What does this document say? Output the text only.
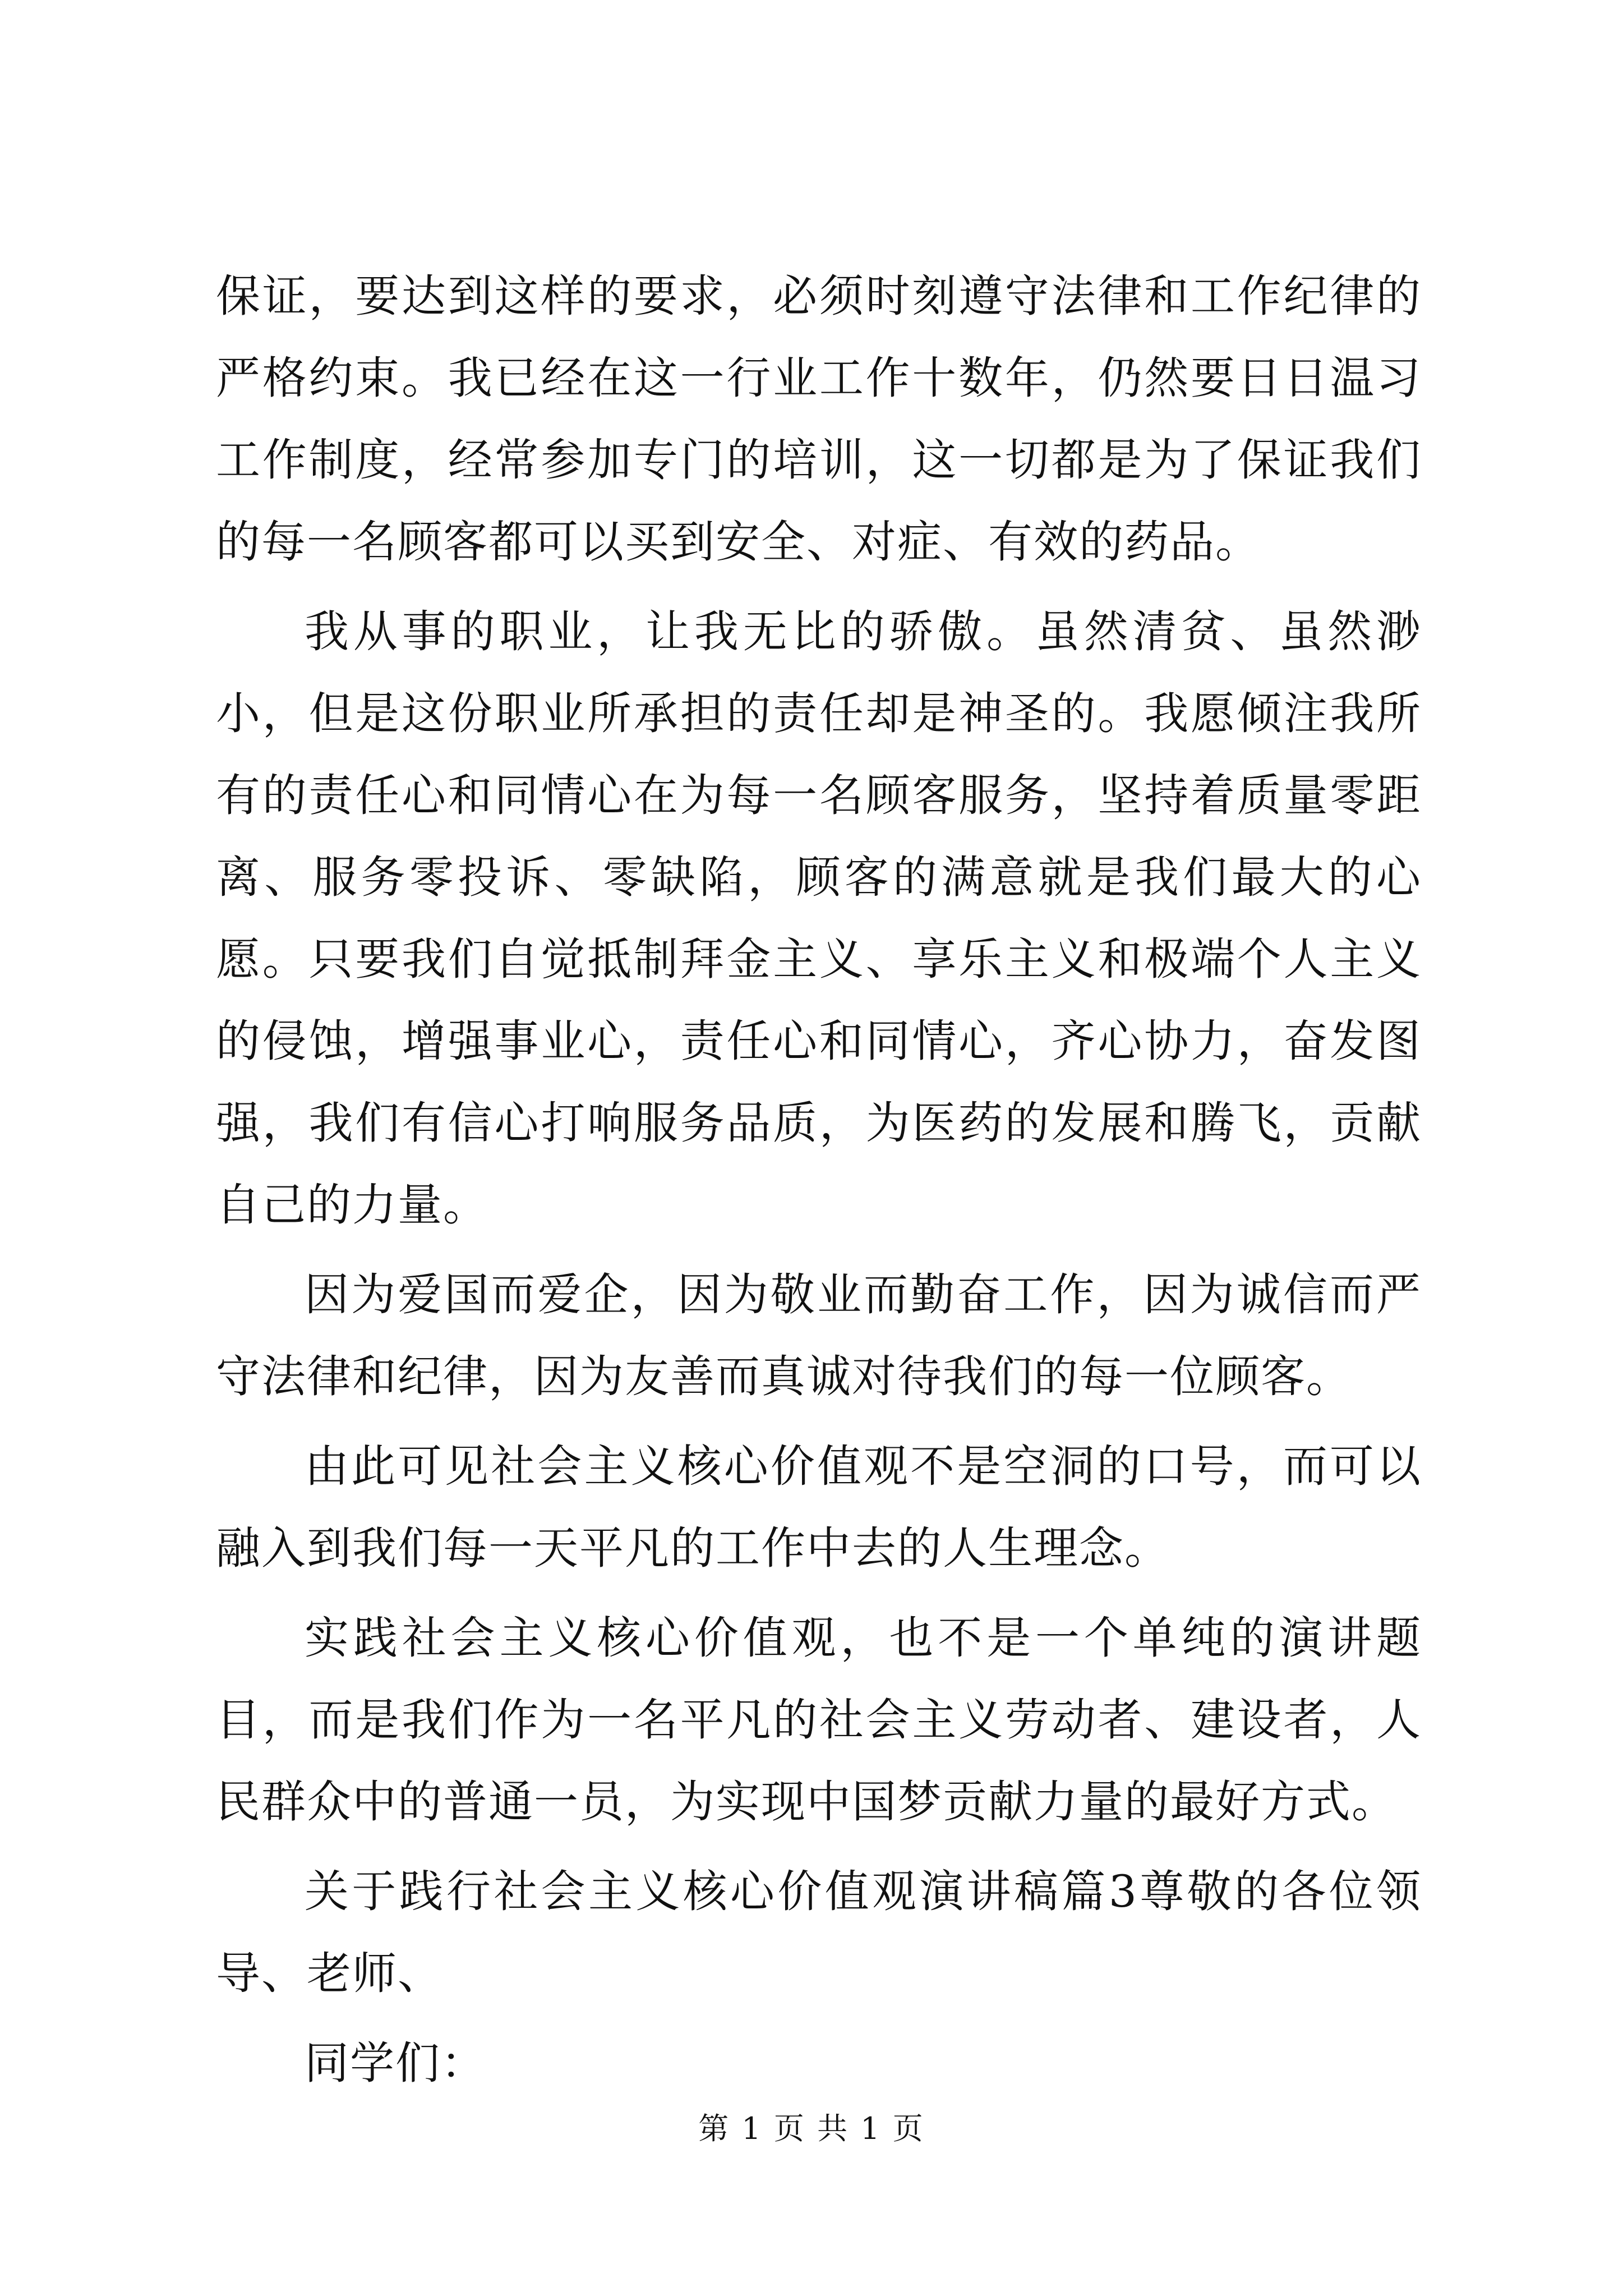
保证，要达到这样的要求，必须时刻遵守法律和工作纪律的严格约束。我已经在这一行业工作十数年，仍然要日日温习工作制度，经常参加专门的培训，这一切都是为了保证我们的每一名顾客都可以买到安全、对症、有效的药品。

我从事的职业，让我无比的骄傲。虽然清贫、虽然渺小，但是这份职业所承担的责任却是神圣的。我愿倾注我所有的责任心和同情心在为每一名顾客服务，坚持着质量零距离、服务零投诉、零缺陷，顾客的满意就是我们最大的心愿。只要我们自觉抵制拜金主义、享乐主义和极端个人主义的侵蚀，增强事业心，责任心和同情心，齐心协力，奋发图强，我们有信心打响服务品质，为医药的发展和腾飞，贡献自己的力量。

因为爱国而爱企，因为敬业而勤奋工作，因为诚信而严守法律和纪律，因为友善而真诚对待我们的每一位顾客。

由此可见社会主义核心价值观不是空洞的口号，而可以融入到我们每一天平凡的工作中去的人生理念。

实践社会主义核心价值观，也不是一个单纯的演讲题目，而是我们作为一名平凡的社会主义劳动者、建设者，人民群众中的普通一员，为实现中国梦贡献力量的最好方式。

关于践行社会主义核心价值观演讲稿篇3尊敬的各位领导、老师、

同学们：

第 1 页 共 1 页
